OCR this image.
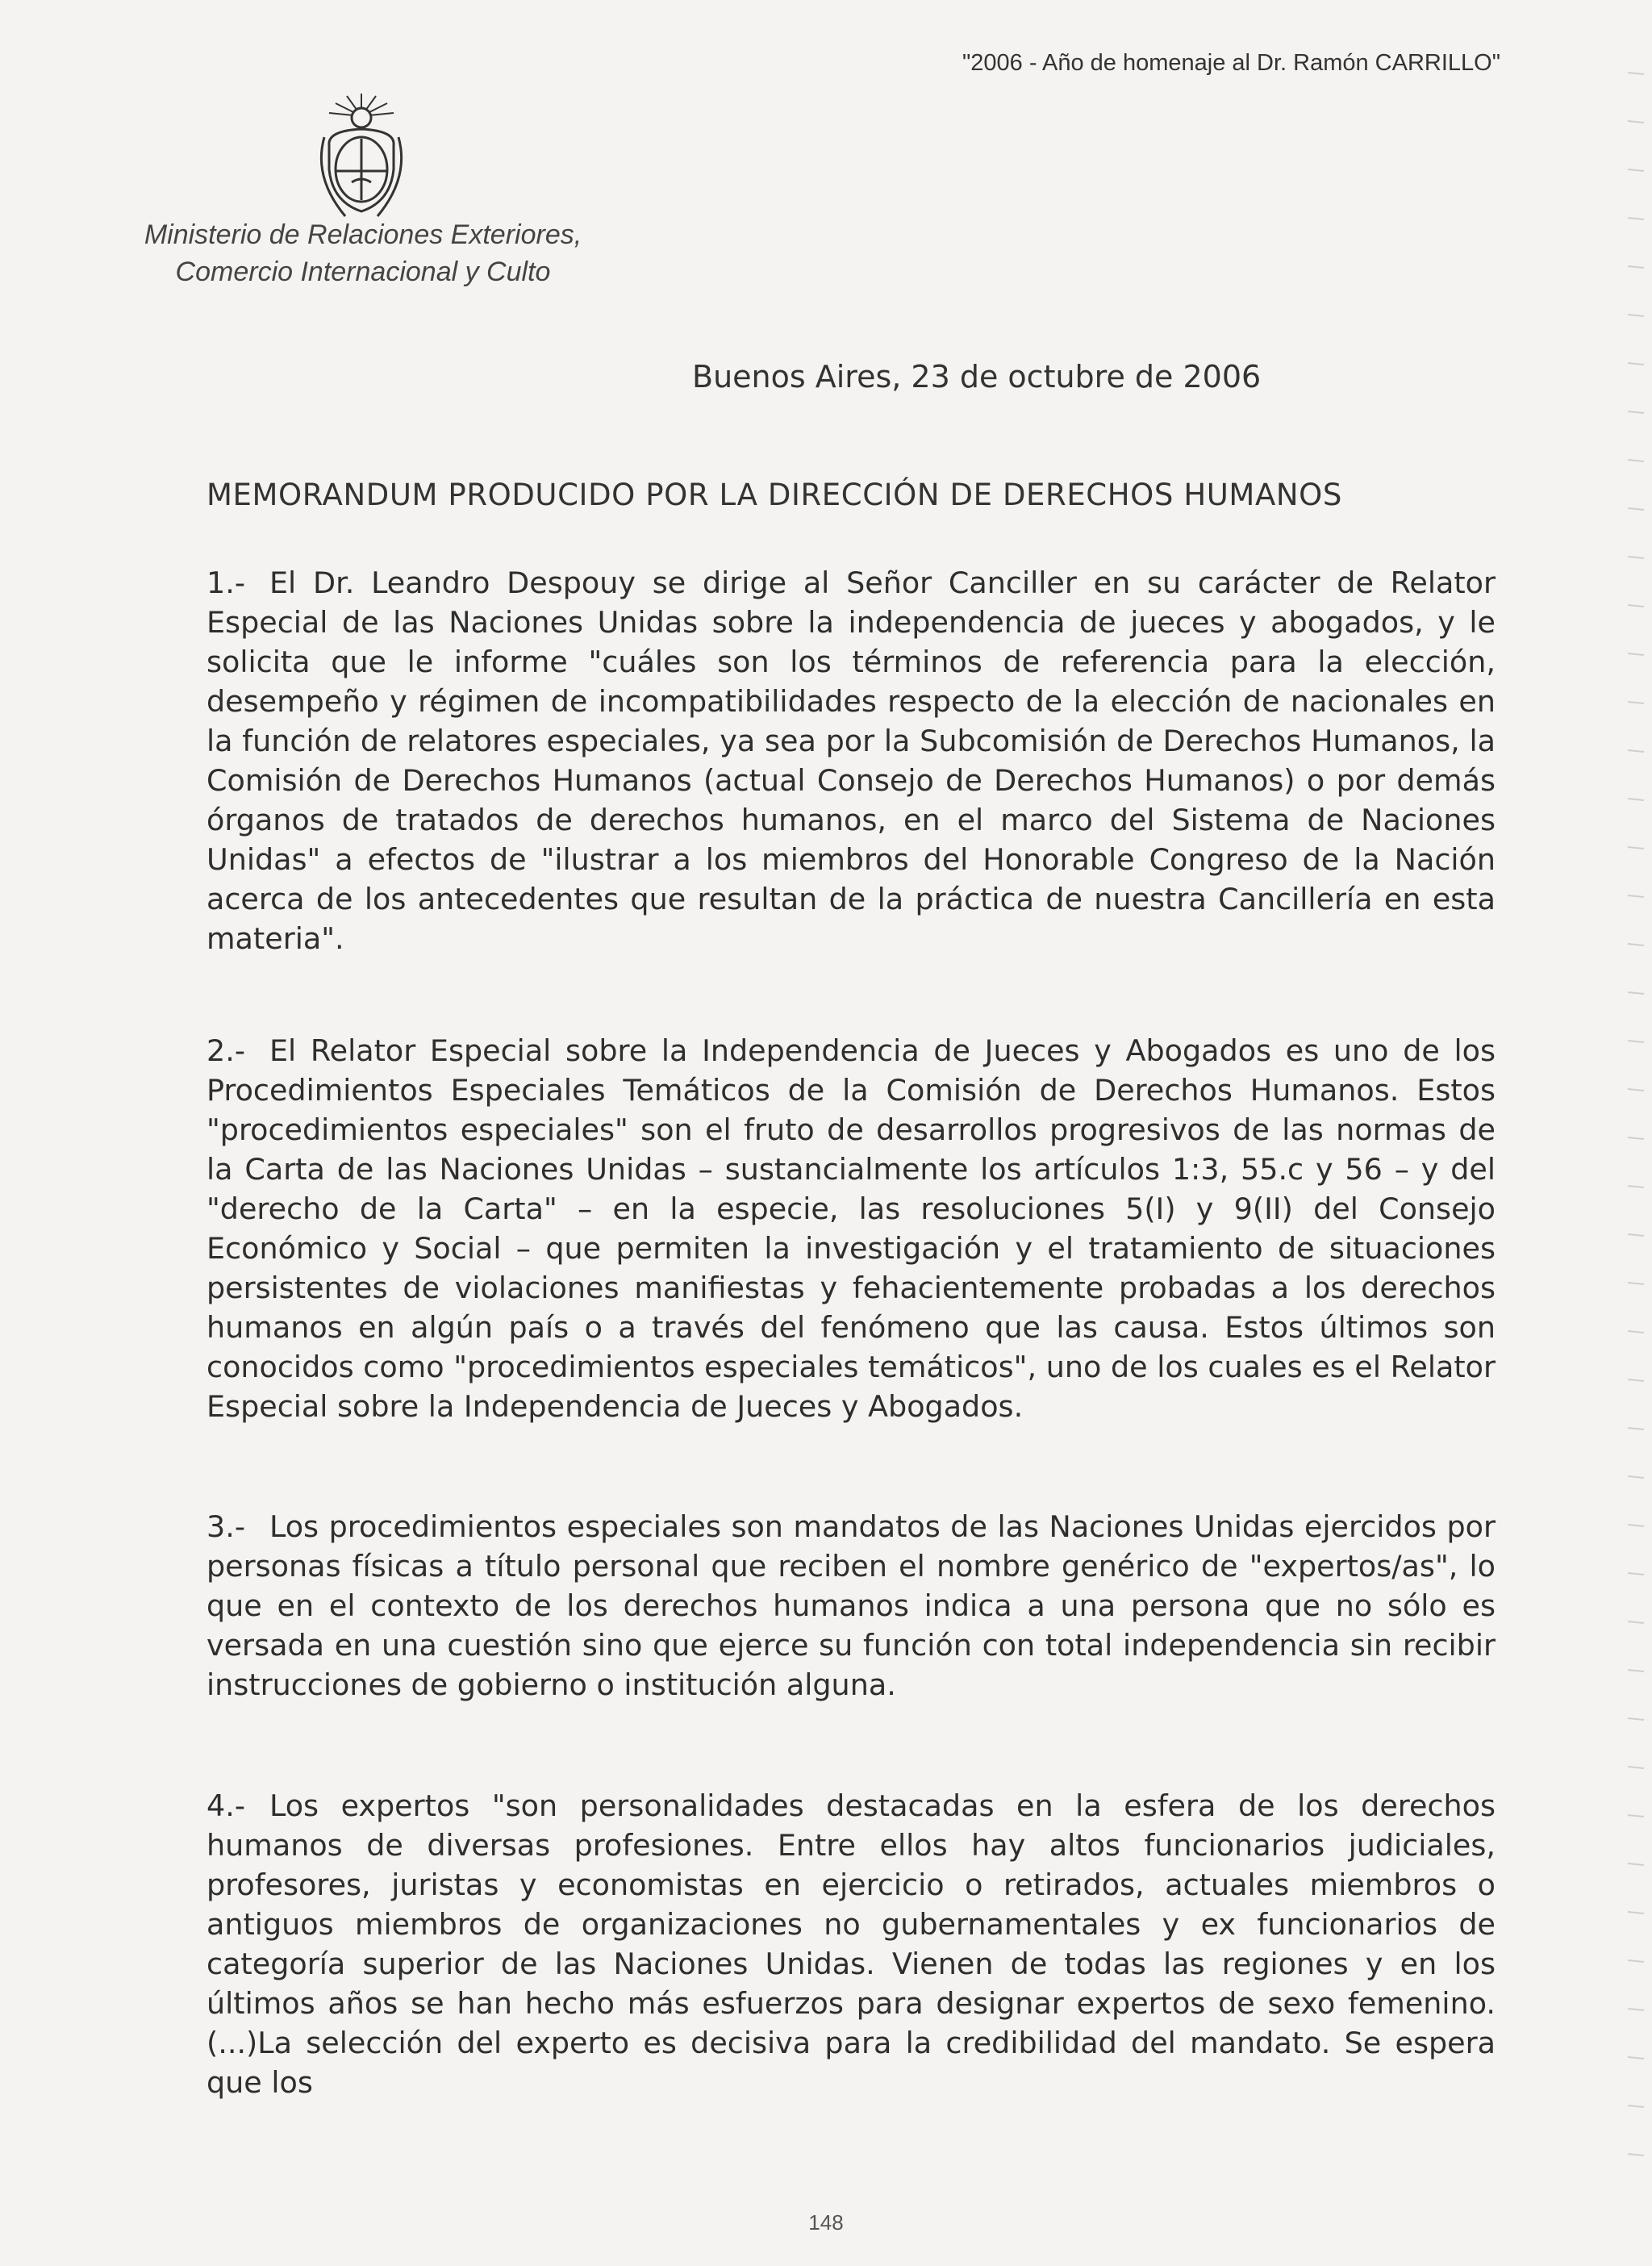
"2006 - Año de homenaje al Dr. Ramón CARRILLO"
Ministerio de Relaciones Exteriores,
Comercio Internacional y Culto
Buenos Aires, 23 de octubre de 2006
MEMORANDUM PRODUCIDO POR LA DIRECCIÓN DE DERECHOS HUMANOS
1.- El Dr. Leandro Despouy se dirige al Señor Canciller en su carácter de Relator Especial de las Naciones Unidas sobre la independencia de jueces y abogados, y le solicita que le informe "cuáles son los términos de referencia para la elección, desempeño y régimen de incompatibilidades respecto de la elección de nacionales en la función de relatores especiales, ya sea por la Subcomisión de Derechos Humanos, la Comisión de Derechos Humanos (actual Consejo de Derechos Humanos) o por demás órganos de tratados de derechos humanos, en el marco del Sistema de Naciones Unidas" a efectos de "ilustrar a los miembros del Honorable Congreso de la Nación acerca de los antecedentes que resultan de la práctica de nuestra Cancillería en esta materia".
2.- El Relator Especial sobre la Independencia de Jueces y Abogados es uno de los Procedimientos Especiales Temáticos de la Comisión de Derechos Humanos. Estos "procedimientos especiales" son el fruto de desarrollos progresivos de las normas de la Carta de las Naciones Unidas – sustancialmente los artículos 1:3, 55.c y 56 – y del "derecho de la Carta" – en la especie, las resoluciones 5(I) y 9(II) del Consejo Económico y Social – que permiten la investigación y el tratamiento de situaciones persistentes de violaciones manifiestas y fehacientemente probadas a los derechos humanos en algún país o a través del fenómeno que las causa. Estos últimos son conocidos como "procedimientos especiales temáticos", uno de los cuales es el Relator Especial sobre la Independencia de Jueces y Abogados.
3.- Los procedimientos especiales son mandatos de las Naciones Unidas ejercidos por personas físicas a título personal que reciben el nombre genérico de "expertos/as", lo que en el contexto de los derechos humanos indica a una persona que no sólo es versada en una cuestión sino que ejerce su función con total independencia sin recibir instrucciones de gobierno o institución alguna.
4.- Los expertos "son personalidades destacadas en la esfera de los derechos humanos de diversas profesiones. Entre ellos hay altos funcionarios judiciales, profesores, juristas y economistas en ejercicio o retirados, actuales miembros o antiguos miembros de organizaciones no gubernamentales y ex funcionarios de categoría superior de las Naciones Unidas. Vienen de todas las regiones y en los últimos años se han hecho más esfuerzos para designar expertos de sexo femenino. (...)La selección del experto es decisiva para la credibilidad del mandato. Se espera que los
148
